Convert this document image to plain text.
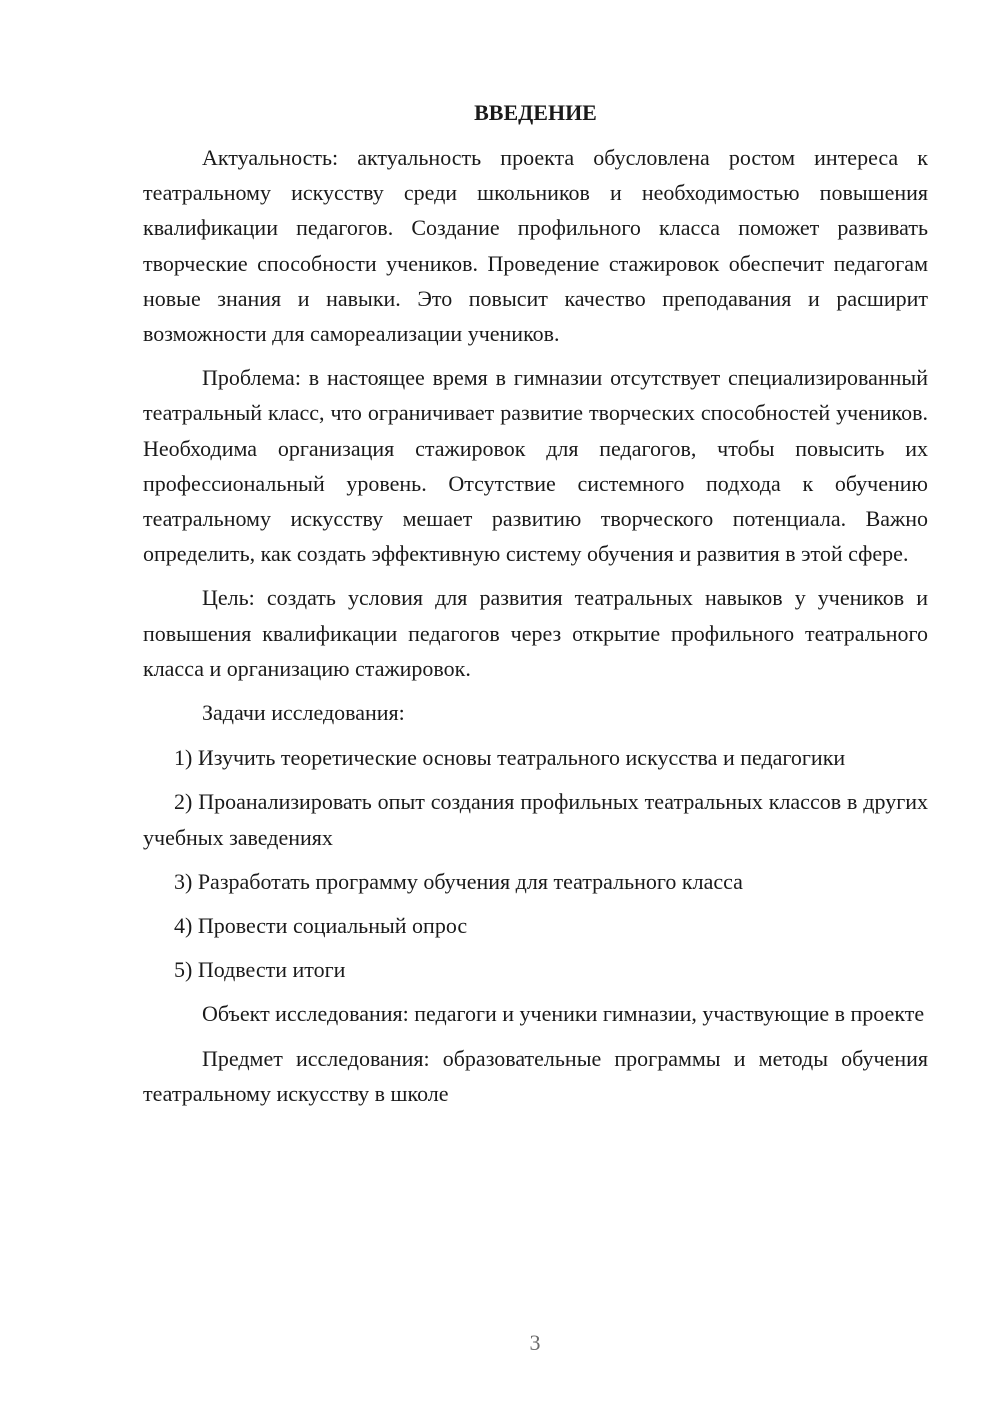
ВВЕДЕНИЕ

Актуальность: актуальность проекта обусловлена ростом интереса к театральному искусству среди школьников и необходимостью повышения квалификации педагогов. Создание профильного класса поможет развивать творческие способности учеников. Проведение стажировок обеспечит педагогам новые знания и навыки. Это повысит качество преподавания и расширит возможности для самореализации учеников.

Проблема: в настоящее время в гимназии отсутствует специализированный театральный класс, что ограничивает развитие творческих способностей учеников. Необходима организация стажировок для педагогов, чтобы повысить их профессиональный уровень. Отсутствие системного подхода к обучению театральному искусству мешает развитию творческого потенциала. Важно определить, как создать эффективную систему обучения и развития в этой сфере.

Цель: создать условия для развития театральных навыков у учеников и повышения квалификации педагогов через открытие профильного театрального класса и организацию стажировок.

Задачи исследования:

1) Изучить теоретические основы театрального искусства и педагогики

2) Проанализировать опыт создания профильных театральных классов в других учебных заведениях

3) Разработать программу обучения для театрального класса

4) Провести социальный опрос

5) Подвести итоги

Объект исследования: педагоги и ученики гимназии, участвующие в проекте

Предмет исследования: образовательные программы и методы обучения театральному искусству в школе

3
